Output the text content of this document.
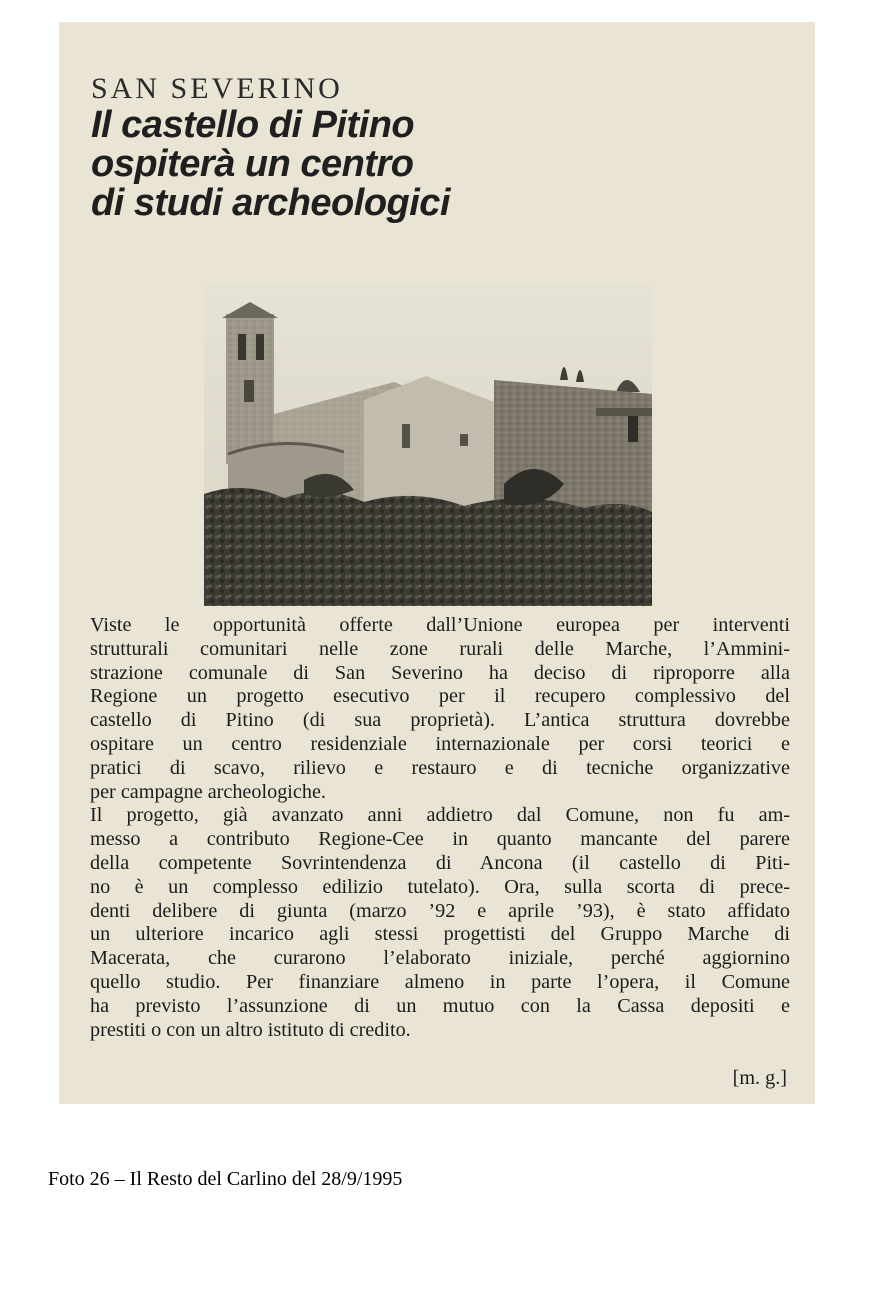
SAN SEVERINO
Il castello di Pitino
ospiterà un centro
di studi archeologici
Viste le opportunità offerte dall’Unione europea per interventi
strutturali comunitari nelle zone rurali delle Marche, l’Ammini-
strazione comunale di San Severino ha deciso di riproporre alla
Regione un progetto esecutivo per il recupero complessivo del
castello di Pitino (di sua proprietà). L’antica struttura dovrebbe
ospitare un centro residenziale internazionale per corsi teorici e
pratici di scavo, rilievo e restauro e di tecniche organizzative
per campagne archeologiche.
Il progetto, già avanzato anni addietro dal Comune, non fu am-
messo a contributo Regione-Cee in quanto mancante del parere
della competente Sovrintendenza di Ancona (il castello di Piti-
no è un complesso edilizio tutelato). Ora, sulla scorta di prece-
denti delibere di giunta (marzo ’92 e aprile ’93), è stato affidato
un ulteriore incarico agli stessi progettisti del Gruppo Marche di
Macerata, che curarono l’elaborato iniziale, perché aggiornino
quello studio. Per finanziare almeno in parte l’opera, il Comune
ha previsto l’assunzione di un mutuo con la Cassa depositi e
prestiti o con un altro istituto di credito.
[m. g.]
Foto 26 – Il Resto del Carlino del 28/9/1995
